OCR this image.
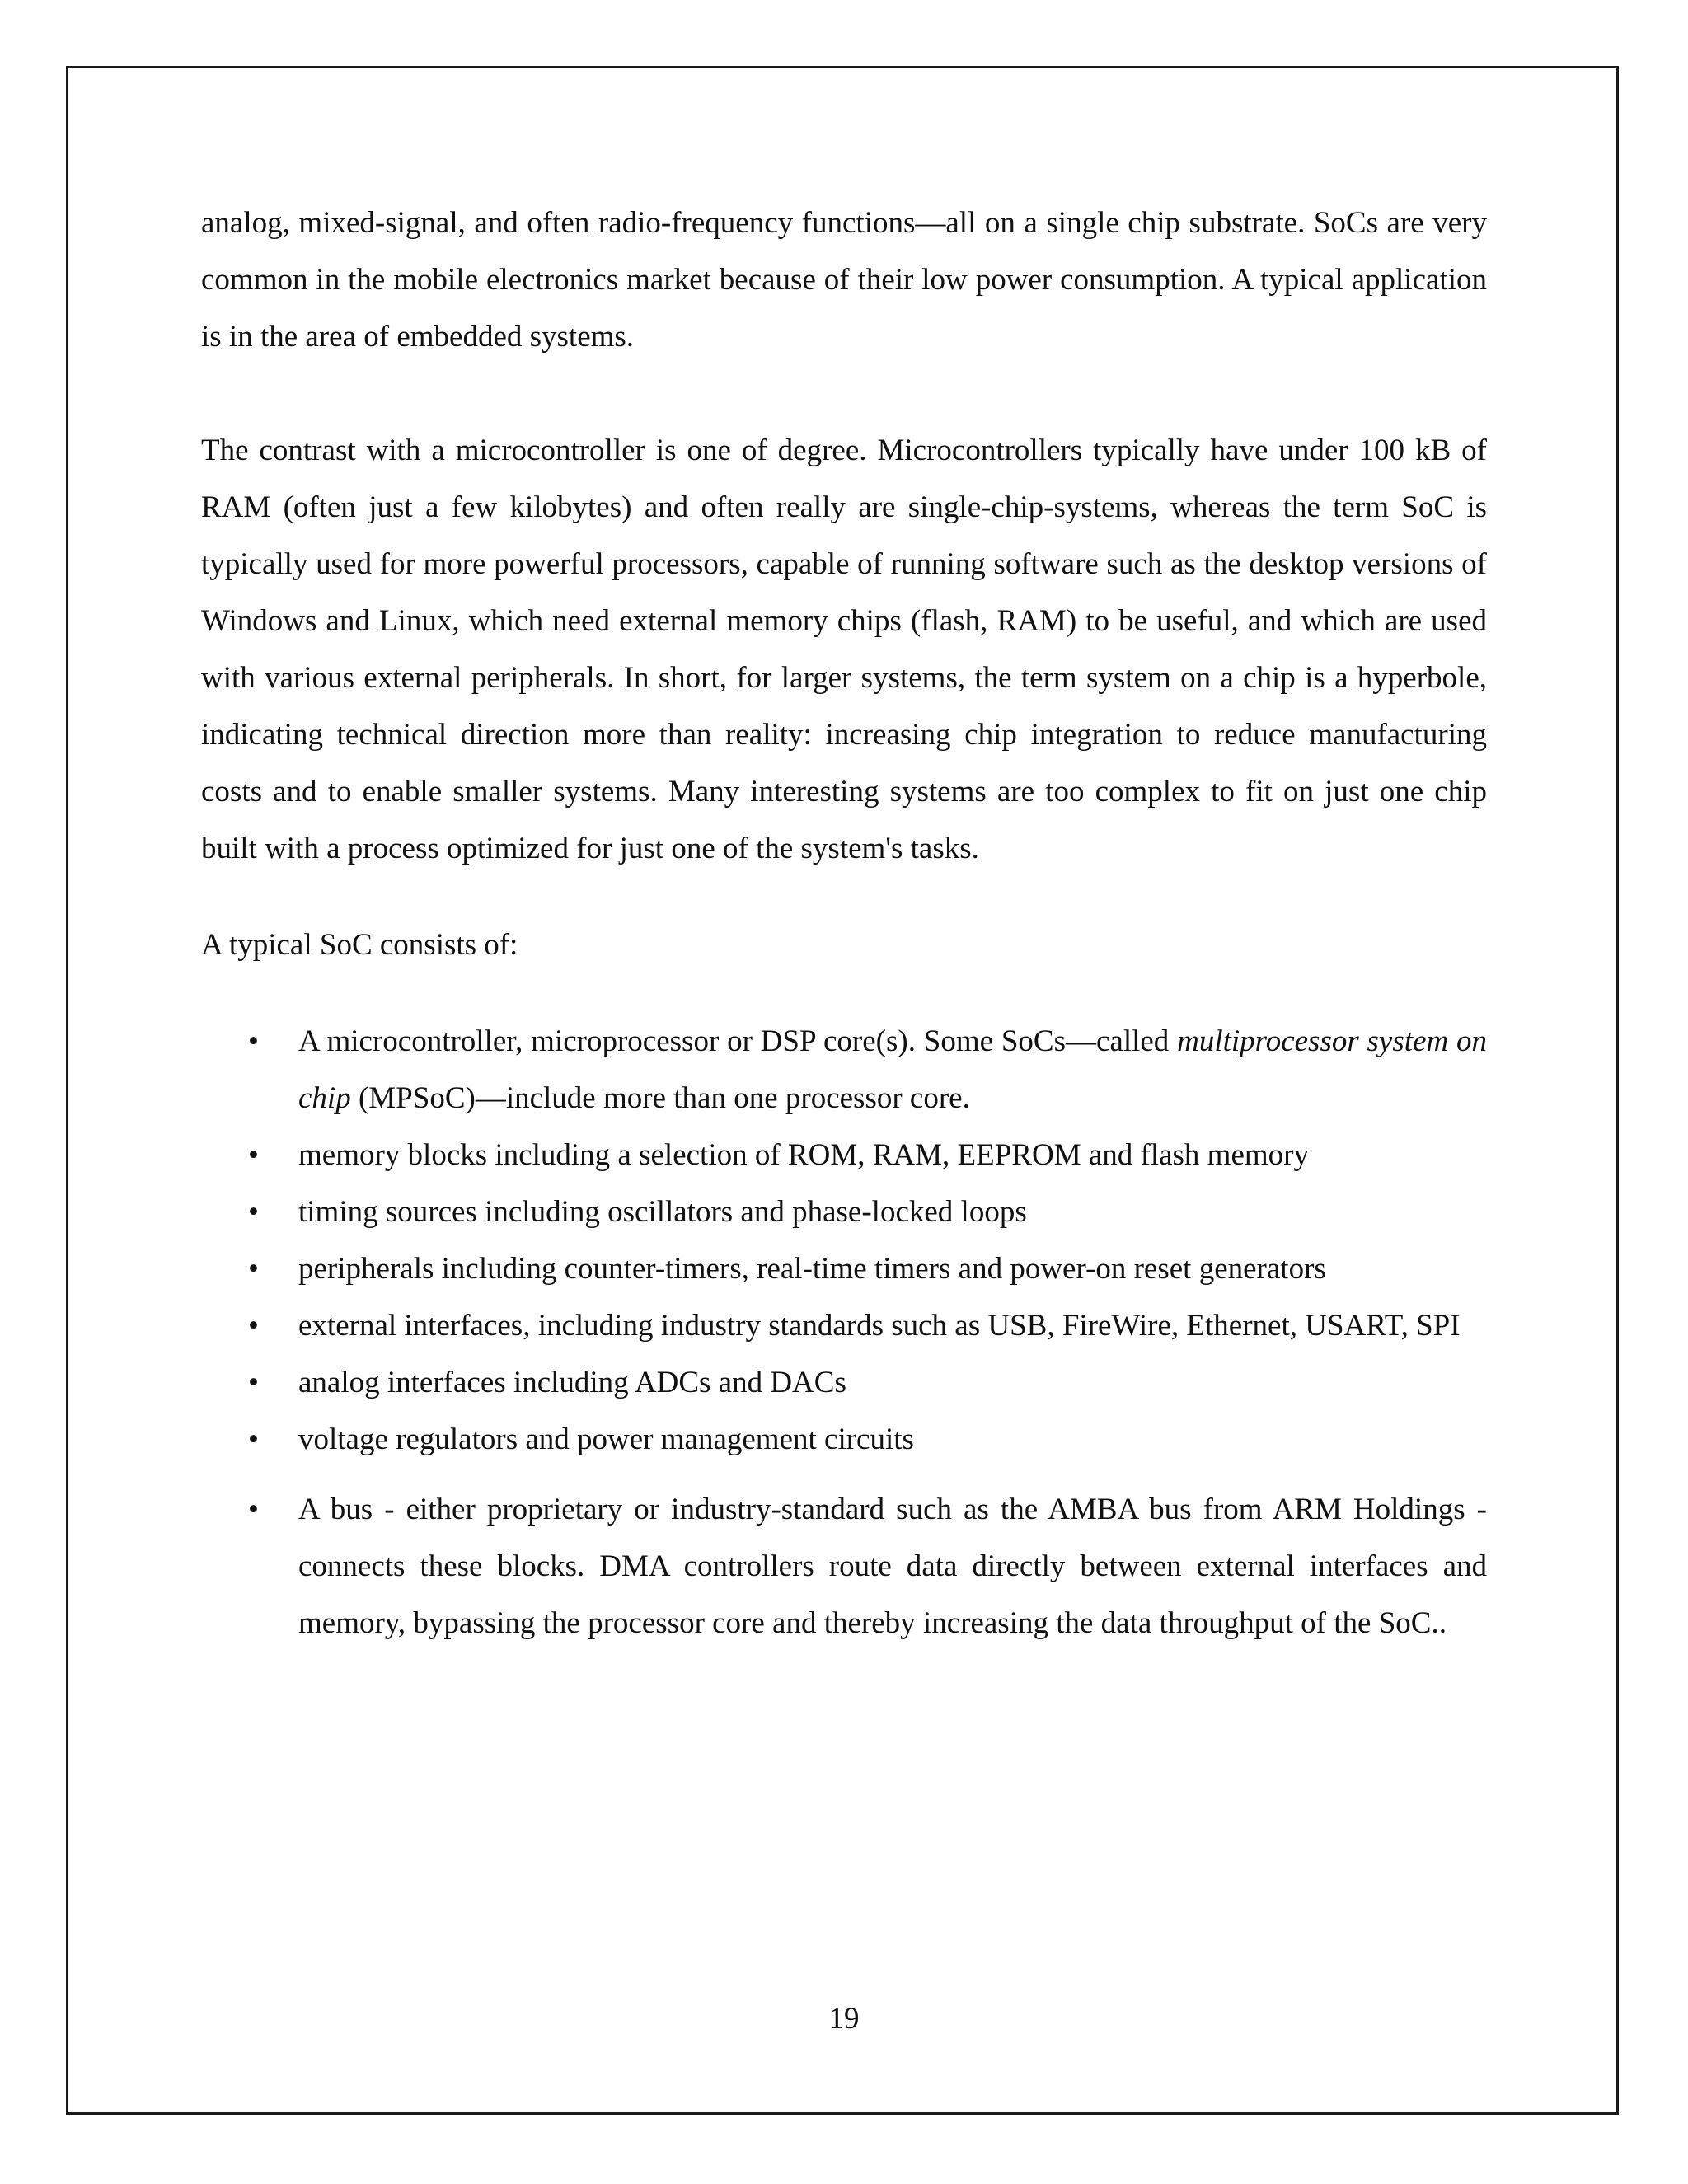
analog, mixed-signal, and often radio-frequency functions—all on a single chip substrate. SoCs are very common in the mobile electronics market because of their low power consumption. A typical application is in the area of embedded systems.

The contrast with a microcontroller is one of degree. Microcontrollers typically have under 100 kB of RAM (often just a few kilobytes) and often really are single-chip-systems, whereas the term SoC is typically used for more powerful processors, capable of running software such as the desktop versions of Windows and Linux, which need external memory chips (flash, RAM) to be useful, and which are used with various external peripherals. In short, for larger systems, the term system on a chip is a hyperbole, indicating technical direction more than reality: increasing chip integration to reduce manufacturing costs and to enable smaller systems. Many interesting systems are too complex to fit on just one chip built with a process optimized for just one of the system's tasks.

A typical SoC consists of:

• A microcontroller, microprocessor or DSP core(s). Some SoCs—called multiprocessor system on chip (MPSoC)—include more than one processor core.
• memory blocks including a selection of ROM, RAM, EEPROM and flash memory
• timing sources including oscillators and phase-locked loops
• peripherals including counter-timers, real-time timers and power-on reset generators
• external interfaces, including industry standards such as USB, FireWire, Ethernet, USART, SPI
• analog interfaces including ADCs and DACs
• voltage regulators and power management circuits
• A bus - either proprietary or industry-standard such as the AMBA bus from ARM Holdings - connects these blocks. DMA controllers route data directly between external interfaces and memory, bypassing the processor core and thereby increasing the data throughput of the SoC..
19
